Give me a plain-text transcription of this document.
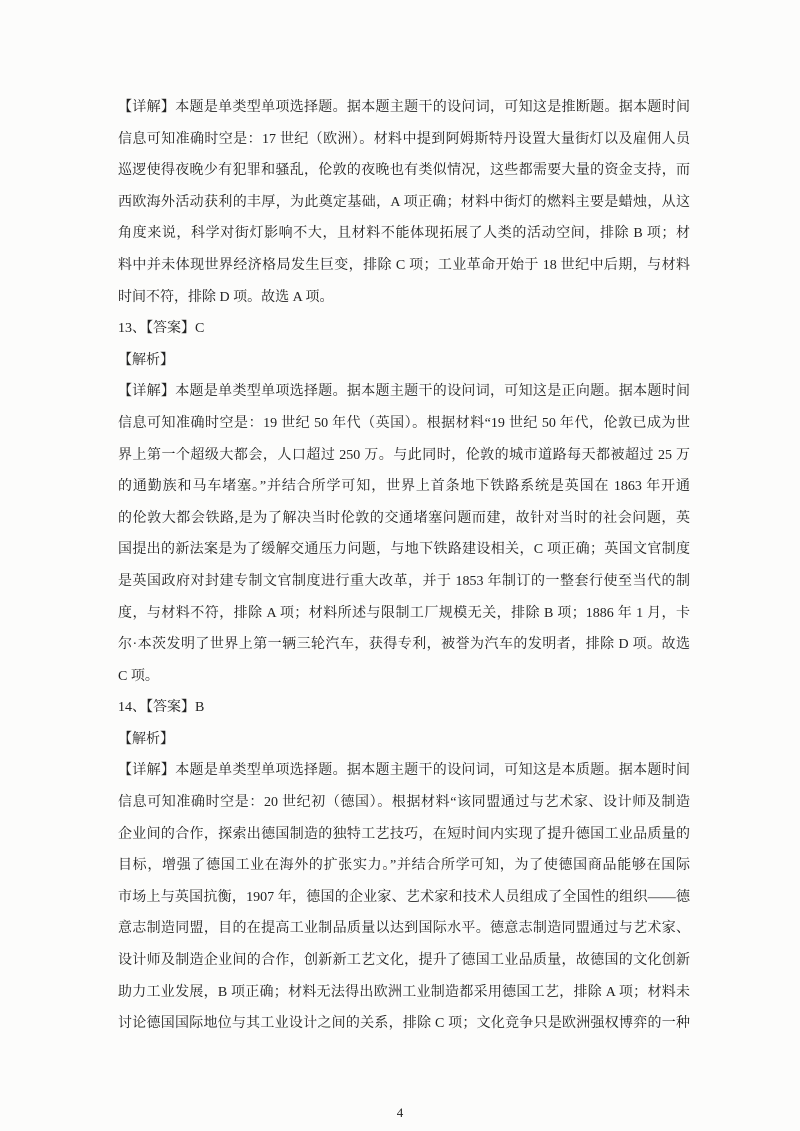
【详解】本题是单类型单项选择题。据本题主题干的设问词，可知这是推断题。据本题时间
信息可知准确时空是：17 世纪（欧洲）。材料中提到阿姆斯特丹设置大量街灯以及雇佣人员
巡逻使得夜晚少有犯罪和骚乱，伦敦的夜晚也有类似情况，这些都需要大量的资金支持，而
西欧海外活动获利的丰厚，为此奠定基础，A 项正确；材料中街灯的燃料主要是蜡烛，从这
角度来说，科学对街灯影响不大，且材料不能体现拓展了人类的活动空间，排除 B 项；材
料中并未体现世界经济格局发生巨变，排除 C 项；工业革命开始于 18 世纪中后期，与材料
时间不符，排除 D 项。故选 A 项。
13、【答案】C
【解析】
【详解】本题是单类型单项选择题。据本题主题干的设问词，可知这是正向题。据本题时间
信息可知准确时空是：19 世纪 50 年代（英国）。根据材料“19 世纪 50 年代，伦敦已成为世
界上第一个超级大都会，人口超过 250 万。与此同时，伦敦的城市道路每天都被超过 25 万
的通勤族和马车堵塞。”并结合所学可知，世界上首条地下铁路系统是英国在 1863 年开通
的伦敦大都会铁路,是为了解决当时伦敦的交通堵塞问题而建，故针对当时的社会问题，英
国提出的新法案是为了缓解交通压力问题，与地下铁路建设相关，C 项正确；英国文官制度
是英国政府对封建专制文官制度进行重大改革，并于 1853 年制订的一整套行使至当代的制
度，与材料不符，排除 A 项；材料所述与限制工厂规模无关，排除 B 项；1886 年 1 月，卡
尔·本茨发明了世界上第一辆三轮汽车，获得专利，被誉为汽车的发明者，排除 D 项。故选
C 项。
14、【答案】B
【解析】
【详解】本题是单类型单项选择题。据本题主题干的设问词，可知这是本质题。据本题时间
信息可知准确时空是：20 世纪初（德国）。根据材料“该同盟通过与艺术家、设计师及制造
企业间的合作，探索出德国制造的独特工艺技巧，在短时间内实现了提升德国工业品质量的
目标，增强了德国工业在海外的扩张实力。”并结合所学可知，为了使德国商品能够在国际
市场上与英国抗衡，1907 年，德国的企业家、艺术家和技术人员组成了全国性的组织——德
意志制造同盟，目的在提高工业制品质量以达到国际水平。德意志制造同盟通过与艺术家、
设计师及制造企业间的合作，创新新工艺文化，提升了德国工业品质量，故德国的文化创新
助力工业发展，B 项正确；材料无法得出欧洲工业制造都采用德国工艺，排除 A 项；材料未
讨论德国国际地位与其工业设计之间的关系，排除 C 项；文化竞争只是欧洲强权博弈的一种
4
